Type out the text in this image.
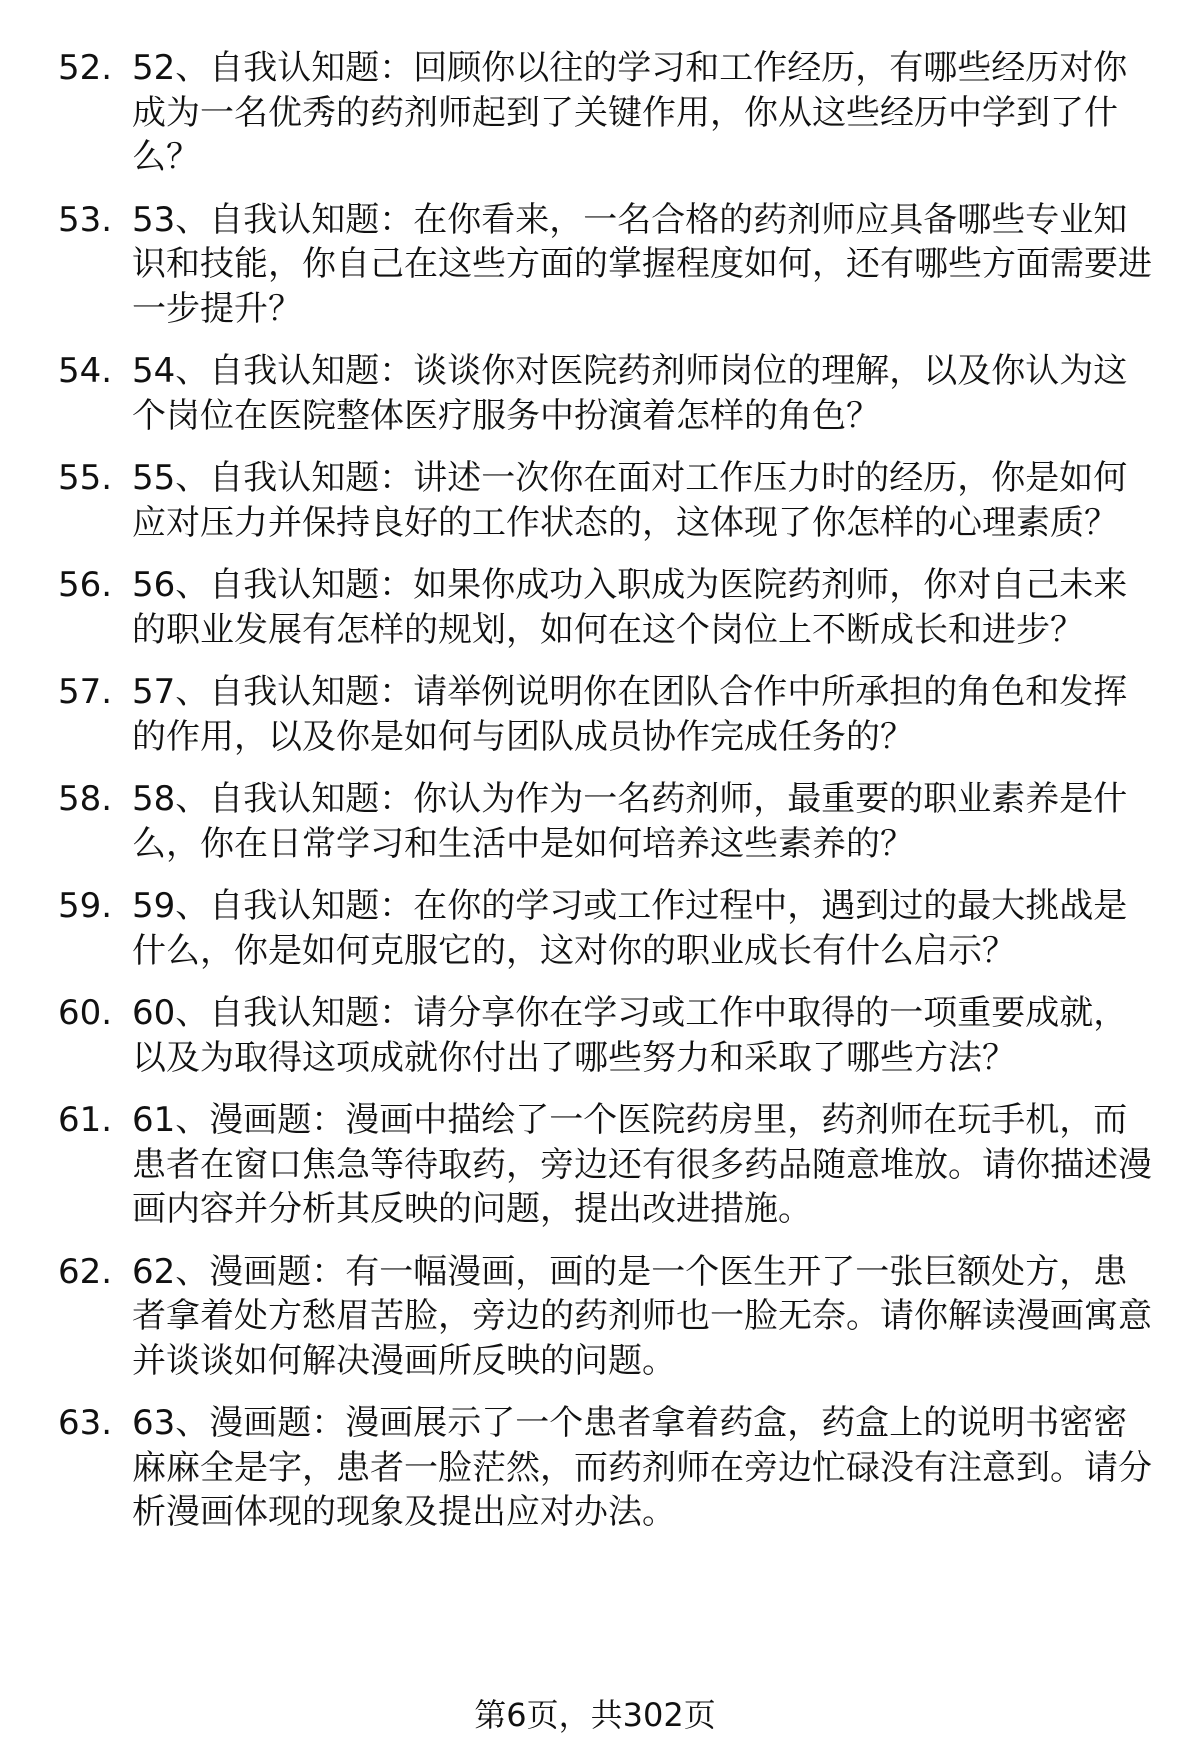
52. 52、自我认知题：回顾你以往的学习和工作经历，有哪些经历对你成为一名优秀的药剂师起到了关键作用，你从这些经历中学到了什么？
53. 53、自我认知题：在你看来，一名合格的药剂师应具备哪些专业知识和技能，你自己在这些方面的掌握程度如何，还有哪些方面需要进一步提升？
54. 54、自我认知题：谈谈你对医院药剂师岗位的理解，以及你认为这个岗位在医院整体医疗服务中扮演着怎样的角色？
55. 55、自我认知题：讲述一次你在面对工作压力时的经历，你是如何应对压力并保持良好的工作状态的，这体现了你怎样的心理素质？
56. 56、自我认知题：如果你成功入职成为医院药剂师，你对自己未来的职业发展有怎样的规划，如何在这个岗位上不断成长和进步？
57. 57、自我认知题：请举例说明你在团队合作中所承担的角色和发挥的作用，以及你是如何与团队成员协作完成任务的？
58. 58、自我认知题：你认为作为一名药剂师，最重要的职业素养是什么，你在日常学习和生活中是如何培养这些素养的？
59. 59、自我认知题：在你的学习或工作过程中，遇到过的最大挑战是什么，你是如何克服它的，这对你的职业成长有什么启示？
60. 60、自我认知题：请分享你在学习或工作中取得的一项重要成就，以及为取得这项成就你付出了哪些努力和采取了哪些方法？
61. 61、漫画题：漫画中描绘了一个医院药房里，药剂师在玩手机，而患者在窗口焦急等待取药，旁边还有很多药品随意堆放。请你描述漫画内容并分析其反映的问题，提出改进措施。
62. 62、漫画题：有一幅漫画，画的是一个医生开了一张巨额处方，患者拿着处方愁眉苦脸，旁边的药剂师也一脸无奈。请你解读漫画寓意并谈谈如何解决漫画所反映的问题。
63. 63、漫画题：漫画展示了一个患者拿着药盒，药盒上的说明书密密麻麻全是字，患者一脸茫然，而药剂师在旁边忙碌没有注意到。请分析漫画体现的现象及提出应对办法。
第6页，共302页
